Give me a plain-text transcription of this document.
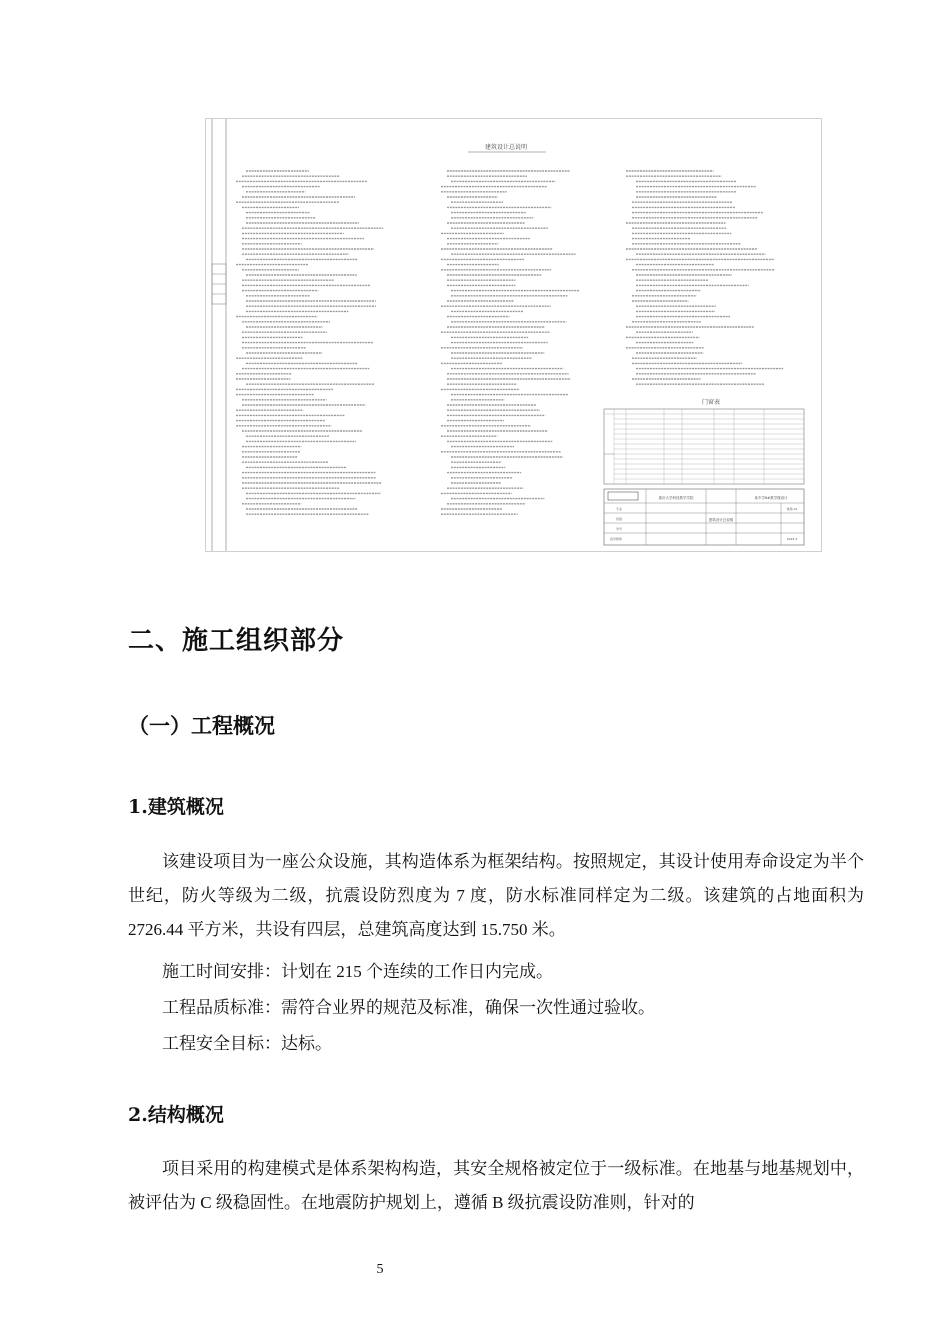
建筑设计总说明
门窗表
重庆大学科技教学学院	某中学6#教学楼设计
建筑设计总说明
专业
班级
学号
指导教师
建施-01
2022.4
二、施工组织部分
（一）工程概况
1.建筑概况

该建设项目为一座公众设施，其构造体系为框架结构。按照规定，其设计使用寿命设定为半个世纪，防火等级为二级，抗震设防烈度为 7 度，防水标准同样定为二级。该建筑的占地面积为 2726.44 平方米，共设有四层，总建筑高度达到 15.750 米。

施工时间安排：计划在 215 个连续的工作日内完成。

工程品质标准：需符合业界的规范及标准，确保一次性通过验收。

工程安全目标：达标。

2.结构概况

项目采用的构建模式是体系架构构造，其安全规格被定位于一级标准。在地基与地基规划中，被评估为 C 级稳固性。在地震防护规划上，遵循 B 级抗震设防准则，针对的

5
